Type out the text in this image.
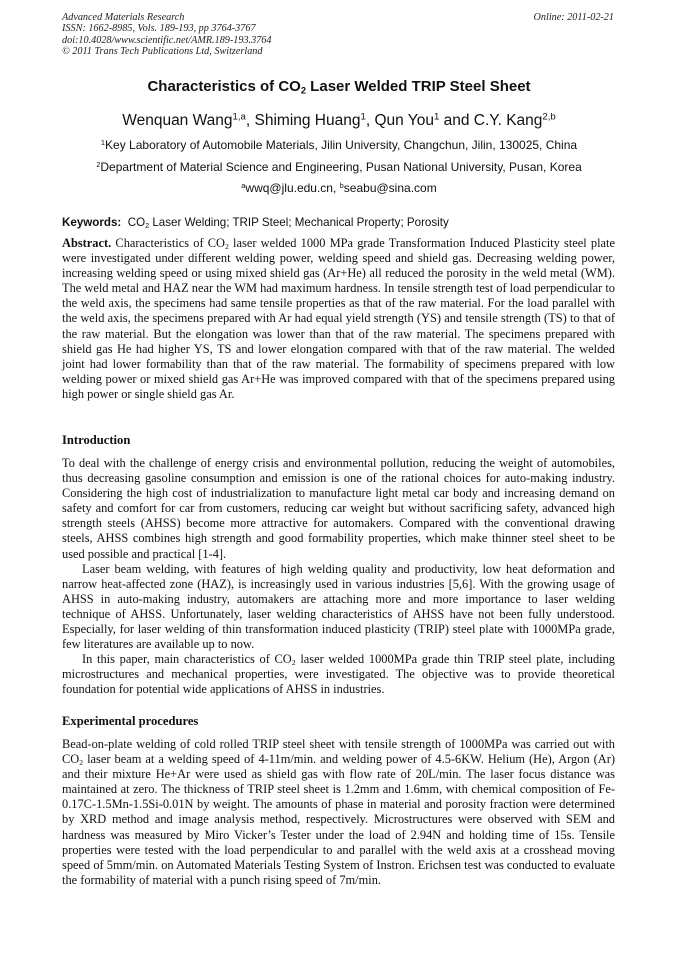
Advanced Materials Research
ISSN: 1662-8985, Vols. 189-193, pp 3764-3767
doi:10.4028/www.scientific.net/AMR.189-193.3764
© 2011 Trans Tech Publications Ltd, Switzerland
Online: 2011-02-21
Characteristics of $CO_2$ Laser Welded TRIP Steel Sheet
Wenquan Wang$^{1,a}$, Shiming Huang$^1$, Qun You$^1$ and C.Y. Kang$^{2,b}$
$^1$Key Laboratory of Automobile Materials, Jilin University, Changchun, Jilin, 130025, China
$^2$Department of Material Science and Engineering, Pusan National University, Pusan, Korea
$^a$wwq@jlu.edu.cn, $^b$seabu@sina.com
Keywords: $CO_2$ Laser Welding; TRIP Steel; Mechanical Property; Porosity

Abstract. Characteristics of $CO_2$ laser welded 1000 MPa grade Transformation Induced Plasticity steel plate were investigated under different welding power, welding speed and shield gas. Decreasing welding power, increasing welding speed or using mixed shield gas (Ar+He) all reduced the porosity in the weld metal (WM). The weld metal and HAZ near the WM had maximum hardness. In tensile strength test of load perpendicular to the weld axis, the specimens had same tensile properties as that of the raw material. For the load parallel with the weld axis, the specimens prepared with Ar had equal yield strength (YS) and tensile strength (TS) to that of the raw material. But the elongation was lower than that of the raw material. The specimens prepared with shield gas He had higher YS, TS and lower elongation compared with that of the raw material. The welded joint had lower formability than that of the raw material. The formability of specimens prepared with low welding power or mixed shield gas Ar+He was improved compared with that of the specimens prepared using high power or single shield gas Ar.

Introduction

To deal with the challenge of energy crisis and environmental pollution, reducing the weight of automobiles, thus decreasing gasoline consumption and emission is one of the rational choices for auto-making industry. Considering the high cost of industrialization to manufacture light metal car body and increasing demand on safety and comfort for car from customers, reducing car weight but without sacrificing safety, advanced high strength steels (AHSS) become more attractive for automakers. Compared with the conventional drawing steels, AHSS combines high strength and good formability properties, which make thinner steel sheet to be used possible and practical [1-4].

Laser beam welding, with features of high welding quality and productivity, low heat deformation and narrow heat-affected zone (HAZ), is increasingly used in various industries [5,6]. With the growing usage of AHSS in auto-making industry, automakers are attaching more and more importance to laser welding technique of AHSS. Unfortunately, laser welding characteristics of AHSS have not been fully understood. Especially, for laser welding of thin transformation induced plasticity (TRIP) steel plate with 1000MPa grade, few literatures are available up to now.

In this paper, main characteristics of $CO_2$ laser welded 1000MPa grade thin TRIP steel plate, including microstructures and mechanical properties, were investigated. The objective was to provide theoretical foundation for potential wide applications of AHSS in industries.

Experimental procedures

Bead-on-plate welding of cold rolled TRIP steel sheet with tensile strength of 1000MPa was carried out with $CO_2$ laser beam at a welding speed of 4-11m/min. and welding power of 4.5-6KW. Helium (He), Argon (Ar) and their mixture He+Ar were used as shield gas with flow rate of 20L/min. The laser focus distance was maintained at zero. The thickness of TRIP steel sheet is 1.2mm and 1.6mm, with chemical composition of Fe-0.17C-1.5Mn-1.5Si-0.01N by weight. The amounts of phase in material and porosity fraction were determined by XRD method and image analysis method, respectively. Microstructures were observed with SEM and hardness was measured by Miro Vicker’s Tester under the load of 2.94N and holding time of 15s. Tensile properties were tested with the load perpendicular to and parallel with the weld axis at a crosshead moving speed of 5mm/min. on Automated Materials Testing System of Instron. Erichsen test was conducted to evaluate the formability of material with a punch rising speed of 7m/min.
